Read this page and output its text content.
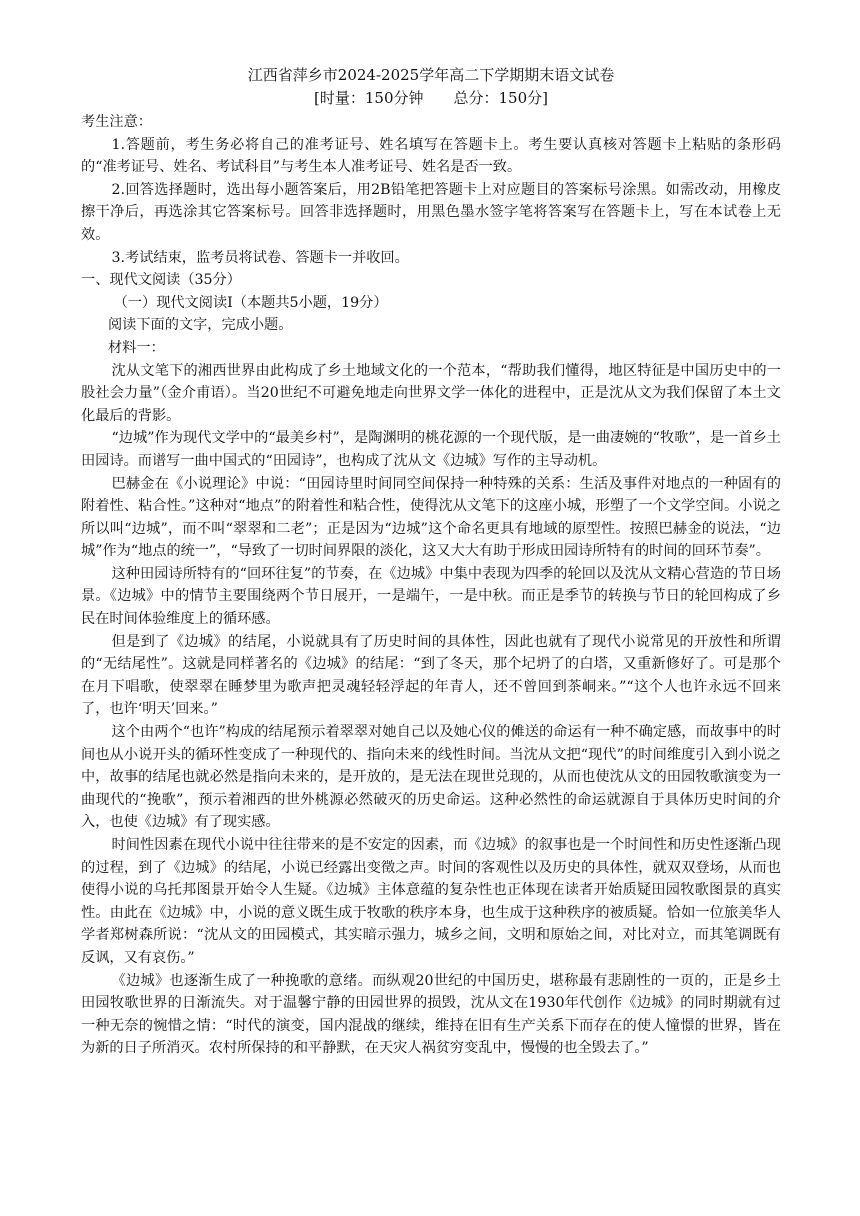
江西省萍乡市2024-2025学年高二下学期期末语文试卷
[时量：150分钟　　总分：150分]

考生注意：

1.答题前，考生务必将自己的准考证号、姓名填写在答题卡上。考生要认真核对答题卡上粘贴的条形码的“准考证号、姓名、考试科目”与考生本人准考证号、姓名是否一致。

2.回答选择题时，选出每小题答案后，用2B铅笔把答题卡上对应题目的答案标号涂黑。如需改动，用橡皮擦干净后，再选涂其它答案标号。回答非选择题时，用黑色墨水签字笔将答案写在答题卡上，写在本试卷上无效。

3.考试结束，监考员将试卷、答题卡一并收回。

一、现代文阅读（35分）

（一）现代文阅读Ⅰ（本题共5小题，19分）

阅读下面的文字，完成小题。

材料一：

沈从文笔下的湘西世界由此构成了乡土地域文化的一个范本，“帮助我们懂得，地区特征是中国历史中的一股社会力量”（金介甫语）。当20世纪不可避免地走向世界文学一体化的进程中，正是沈从文为我们保留了本土文化最后的背影。

“边城”作为现代文学中的“最美乡村”，是陶渊明的桃花源的一个现代版，是一曲凄婉的“牧歌”，是一首乡土田园诗。而谱写一曲中国式的“田园诗”，也构成了沈从文《边城》写作的主导动机。

巴赫金在《小说理论》中说：“田园诗里时间同空间保持一种特殊的关系：生活及事件对地点的一种固有的附着性、粘合性。”这种对“地点”的附着性和粘合性，使得沈从文笔下的这座小城，形塑了一个文学空间。小说之所以叫“边城”，而不叫“翠翠和二老”；正是因为“边城”这个命名更具有地域的原型性。按照巴赫金的说法，“边城”作为“地点的统一”，“导致了一切时间界限的淡化，这又大大有助于形成田园诗所特有的时间的回环节奏”。

这种田园诗所特有的“回环往复”的节奏，在《边城》中集中表现为四季的轮回以及沈从文精心营造的节日场景。《边城》中的情节主要围绕两个节日展开，一是端午，一是中秋。而正是季节的转换与节日的轮回构成了乡民在时间体验维度上的循环感。

但是到了《边城》的结尾，小说就具有了历史时间的具体性，因此也就有了现代小说常见的开放性和所谓的“无结尾性”。这就是同样著名的《边城》的结尾：“到了冬天，那个圮坍了的白塔，又重新修好了。可是那个在月下唱歌，使翠翠在睡梦里为歌声把灵魂轻轻浮起的年青人，还不曾回到茶峒来。”“这个人也许永远不回来了，也许‘明天’回来。”

这个由两个“也许”构成的结尾预示着翠翠对她自己以及她心仪的傩送的命运有一种不确定感，而故事中的时间也从小说开头的循环性变成了一种现代的、指向未来的线性时间。当沈从文把“现代”的时间维度引入到小说之中，故事的结尾也就必然是指向未来的，是开放的，是无法在现世兑现的，从而也使沈从文的田园牧歌演变为一曲现代的“挽歌”，预示着湘西的世外桃源必然破灭的历史命运。这种必然性的命运就源自于具体历史时间的介入，也使《边城》有了现实感。

时间性因素在现代小说中往往带来的是不安定的因素，而《边城》的叙事也是一个时间性和历史性逐渐凸现的过程，到了《边城》的结尾，小说已经露出变徵之声。时间的客观性以及历史的具体性，就双双登场，从而也使得小说的乌托邦图景开始令人生疑。《边城》主体意蕴的复杂性也正体现在读者开始质疑田园牧歌图景的真实性。由此在《边城》中，小说的意义既生成于牧歌的秩序本身，也生成于这种秩序的被质疑。恰如一位旅美华人学者郑树森所说：“沈从文的田园模式，其实暗示强力，城乡之间，文明和原始之间，对比对立，而其笔调既有反讽，又有哀伤。”

《边城》也逐渐生成了一种挽歌的意绪。而纵观20世纪的中国历史，堪称最有悲剧性的一页的，正是乡土田园牧歌世界的日渐流失。对于温馨宁静的田园世界的损毁，沈从文在1930年代创作《边城》的同时期就有过一种无奈的惋惜之情：“时代的演变，国内混战的继续，维持在旧有生产关系下而存在的使人憧憬的世界，皆在为新的日子所消灭。农村所保持的和平静默，在天灾人祸贫穷变乱中，慢慢的也全毁去了。”
